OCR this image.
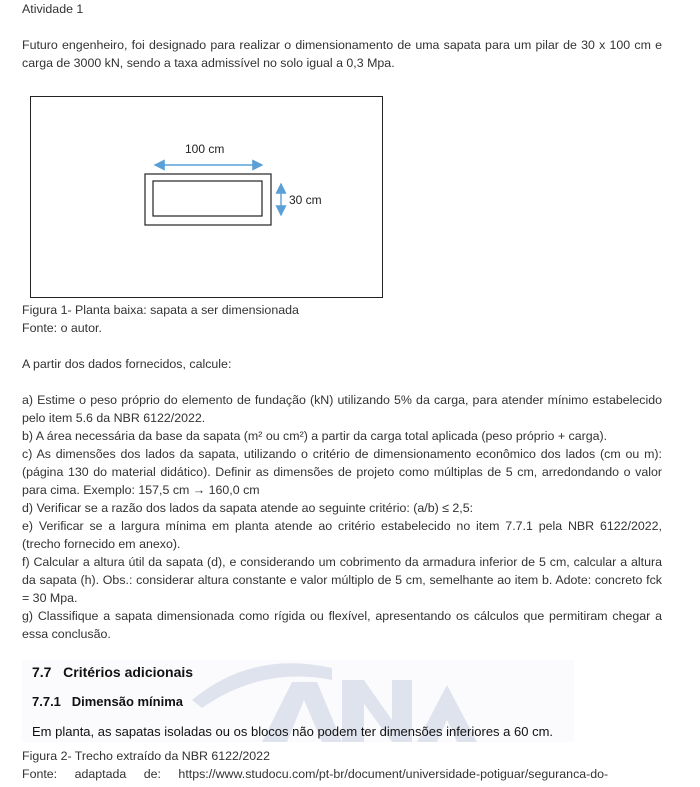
Atividade 1

Futuro engenheiro, foi designado para realizar o dimensionamento de uma sapata para um pilar de 30 x 100 cm e carga de 3000 kN, sendo a taxa admissível no solo igual a 0,3 Mpa.

100 cm
30 cm

Figura 1- Planta baixa: sapata a ser dimensionada

Fonte: o autor.

A partir dos dados fornecidos, calcule:

a) Estime o peso próprio do elemento de fundação (kN) utilizando 5% da carga, para atender mínimo estabelecido pelo item 5.6 da NBR 6122/2022.

b) A área necessária da base da sapata (m² ou cm²) a partir da carga total aplicada (peso próprio + carga).

c) As dimensões dos lados da sapata, utilizando o critério de dimensionamento econômico dos lados (cm ou m): (página 130 do material didático). Definir as dimensões de projeto como múltiplas de 5 cm, arredondando o valor para cima. Exemplo: 157,5 cm → 160,0 cm

d) Verificar se a razão dos lados da sapata atende ao seguinte critério: (a/b) ≤ 2,5:

e) Verificar se a largura mínima em planta atende ao critério estabelecido no item 7.7.1 pela NBR 6122/2022, (trecho fornecido em anexo).

f) Calcular a altura útil da sapata (d), e considerando um cobrimento da armadura inferior de 5 cm, calcular a altura da sapata (h). Obs.: considerar altura constante e valor múltiplo de 5 cm, semelhante ao item b. Adote: concreto fck = 30 Mpa.

g) Classifique a sapata dimensionada como rígida ou flexível, apresentando os cálculos que permitiram chegar a essa conclusão.

7.7   Critérios adicionais
7.7.1   Dimensão mínima
Em planta, as sapatas isoladas ou os blocos não podem ter dimensões inferiores a 60 cm.

Figura 2- Trecho extraído da NBR 6122/2022

Fonte: adaptada de: https://www.studocu.com/pt-br/document/universidade-potiguar/seguranca-do-
